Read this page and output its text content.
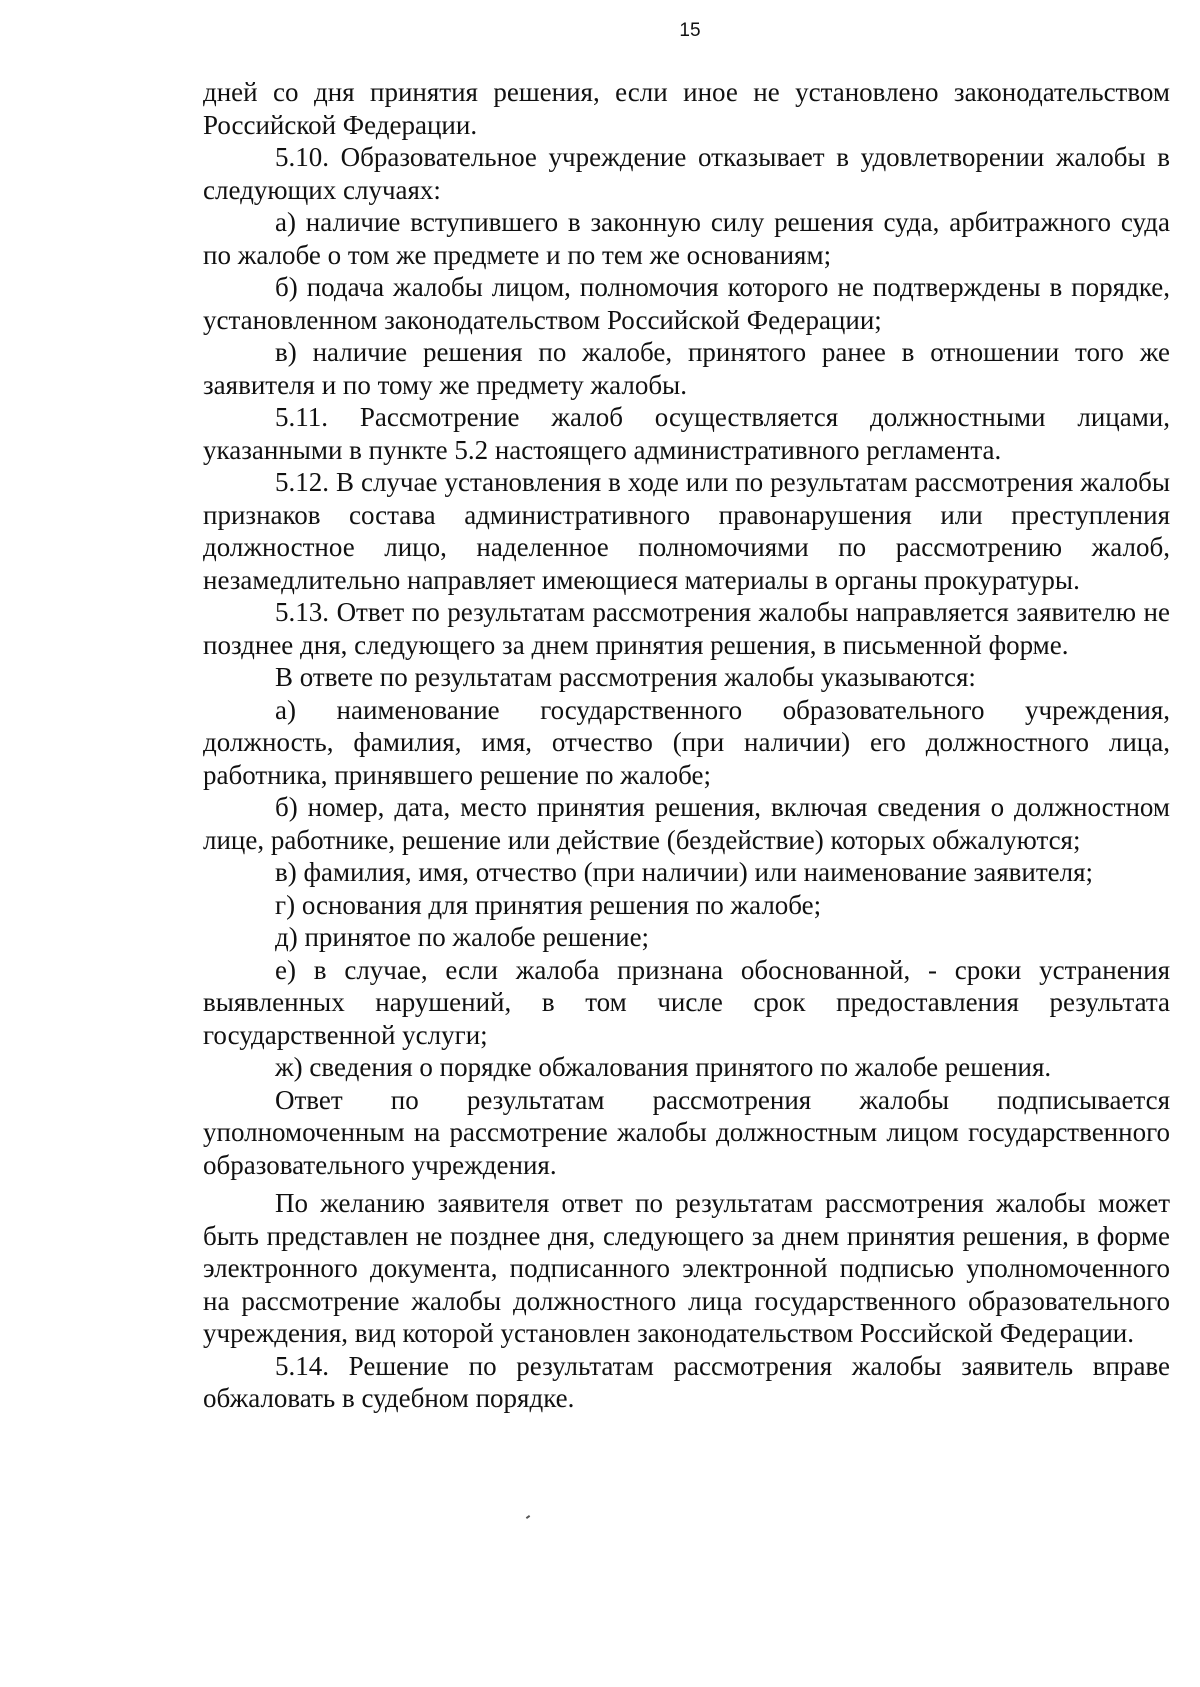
15

дней со дня принятия решения, если иное не установлено законодательством Российской Федерации.

5.10. Образовательное учреждение отказывает в удовлетворении жалобы в следующих случаях:

а) наличие вступившего в законную силу решения суда, арбитражного суда по жалобе о том же предмете и по тем же основаниям;

б) подача жалобы лицом, полномочия которого не подтверждены в порядке, установленном законодательством Российской Федерации;

в) наличие решения по жалобе, принятого ранее в отношении того же заявителя и по тому же предмету жалобы.

5.11. Рассмотрение жалоб осуществляется должностными лицами, указанными в пункте 5.2 настоящего административного регламента.

5.12. В случае установления в ходе или по результатам рассмотрения жалобы признаков состава административного правонарушения или преступления должностное лицо, наделенное полномочиями по рассмотрению жалоб, незамедлительно направляет имеющиеся материалы в органы прокуратуры.

5.13. Ответ по результатам рассмотрения жалобы направляется заявителю не позднее дня, следующего за днем принятия решения, в письменной форме.

В ответе по результатам рассмотрения жалобы указываются:

а) наименование государственного образовательного учреждения, должность, фамилия, имя, отчество (при наличии) его должностного лица, работника, принявшего решение по жалобе;

б) номер, дата, место принятия решения, включая сведения о должностном лице, работнике, решение или действие (бездействие) которых обжалуются;

в) фамилия, имя, отчество (при наличии) или наименование заявителя;

г) основания для принятия решения по жалобе;

д) принятое по жалобе решение;

е) в случае, если жалоба признана обоснованной, - сроки устранения выявленных нарушений, в том числе срок предоставления результата государственной услуги;

ж) сведения о порядке обжалования принятого по жалобе решения.

Ответ по результатам рассмотрения жалобы подписывается уполномоченным на рассмотрение жалобы должностным лицом государственного образовательного учреждения.

По желанию заявителя ответ по результатам рассмотрения жалобы может быть представлен не позднее дня, следующего за днем принятия решения, в форме электронного документа, подписанного электронной подписью уполномоченного на рассмотрение жалобы должностного лица государственного образовательного учреждения, вид которой установлен законодательством Российской Федерации.

5.14. Решение по результатам рассмотрения жалобы заявитель вправе обжаловать в судебном порядке.
